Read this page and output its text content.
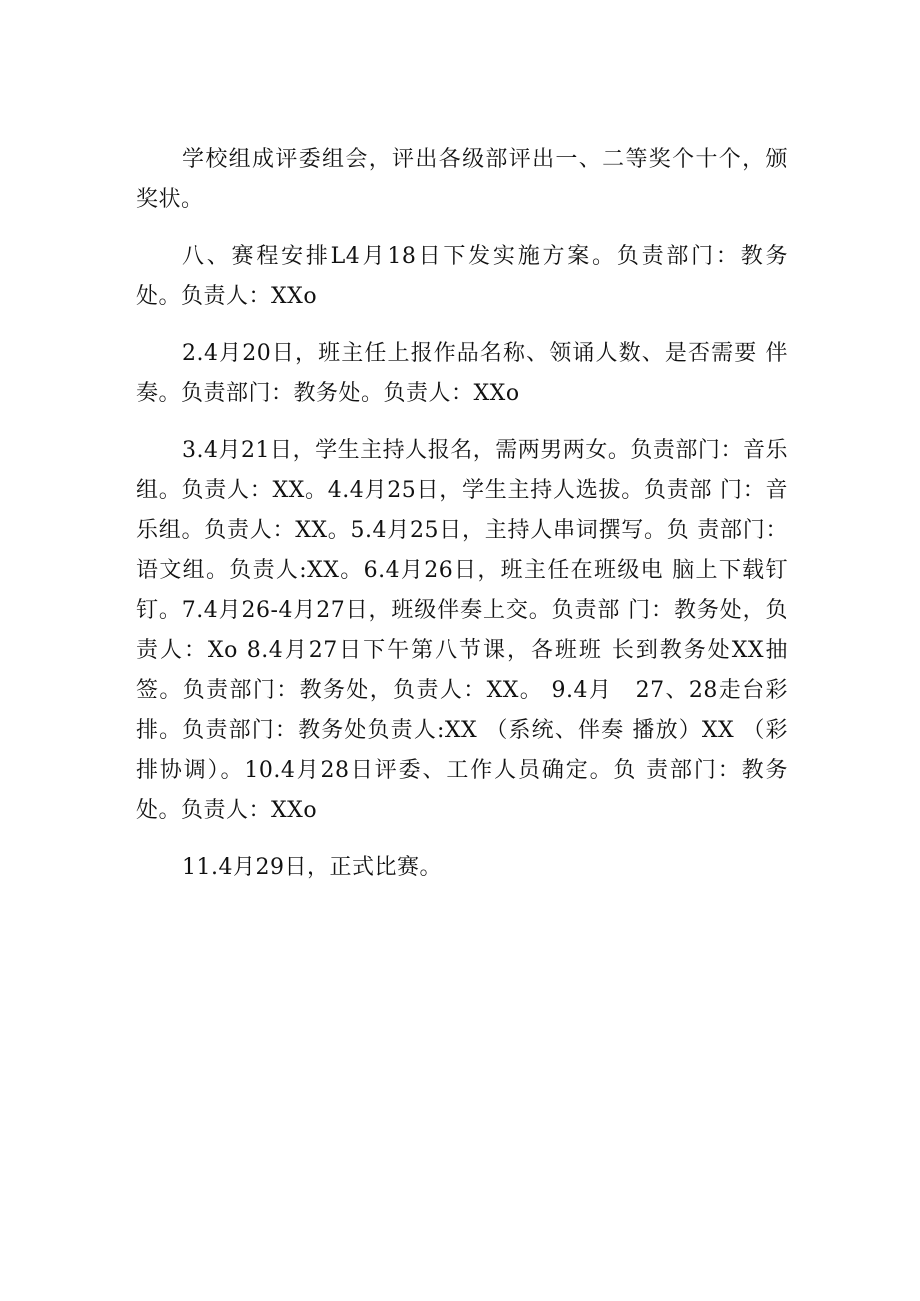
学校组成评委组会，评出各级部评出一、二等奖个十个，颁奖状。

八、赛程安排L4月18日下发实施方案。负责部门：教务　处。负责人：XXo

2.4月20日，班主任上报作品名称、领诵人数、是否需要 伴奏。负责部门：教务处。负责人：XXo

3.4月21日，学生主持人报名，需两男两女。负责部门：音乐组。负责人：XX。4.4月25日，学生主持人选拔。负责部 门：音乐组。负责人：XX。5.4月25日，主持人串词撰写。负 责部门：语文组。负责人:XX。6.4月26日，班主任在班级电 脑上下载钉钉。7.4月26-4月27日，班级伴奏上交。负责部 门：教务处，负责人：Xo 8.4月27日下午第八节课，各班班 长到教务处XX抽签。负责部门：教务处，负责人：XX。 9.4月　27、28走台彩排。负责部门：教务处负责人:XX （系统、伴奏 播放）XX （彩排协调）。10.4月28日评委、工作人员确定。负 责部门：教务处。负责人：XXo

11.4月29日，正式比赛。
